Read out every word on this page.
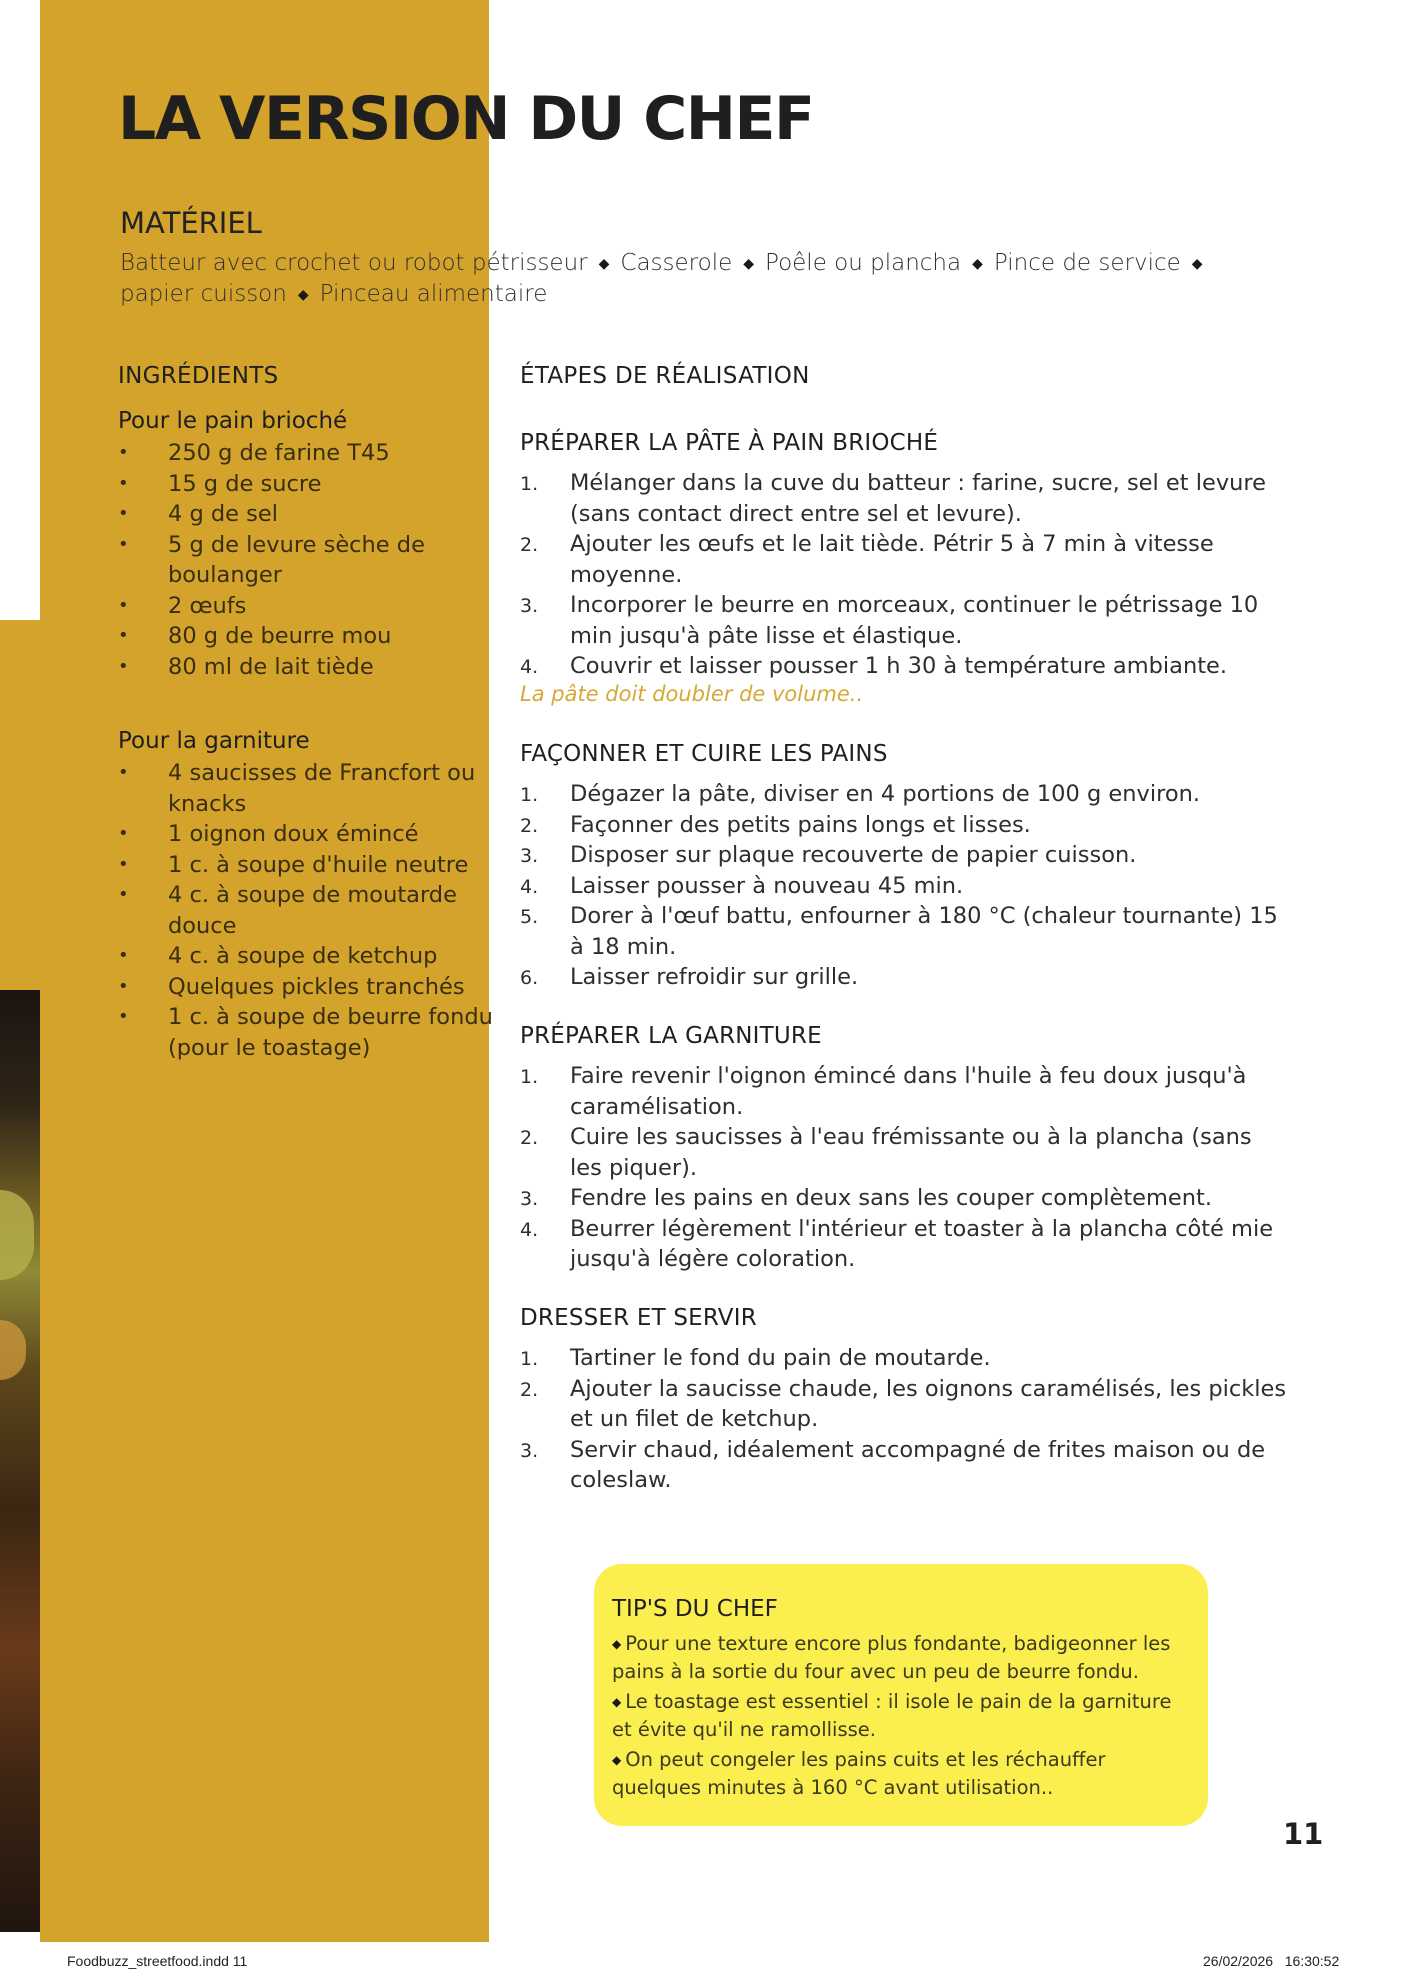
LA VERSION DU CHEF
MATÉRIEL
Batteur avec crochet ou robot pétrisseur ◆ Casserole ◆ Poêle ou plancha ◆ Pince de service ◆
papier cuisson ◆ Pinceau alimentaire
INGRÉDIENTS
Pour le pain brioché
• 250 g de farine T45
• 15 g de sucre
• 4 g de sel
• 5 g de levure sèche de boulanger
• 2 œufs
• 80 g de beurre mou
• 80 ml de lait tiède
Pour la garniture
• 4 saucisses de Francfort ou knacks
• 1 oignon doux émincé
• 1 c. à soupe d'huile neutre
• 4 c. à soupe de moutarde douce
• 4 c. à soupe de ketchup
• Quelques pickles tranchés
• 1 c. à soupe de beurre fondu (pour le toastage)
ÉTAPES DE RÉALISATION
PRÉPARER LA PÂTE À PAIN BRIOCHÉ
1. Mélanger dans la cuve du batteur : farine, sucre, sel et levure (sans contact direct entre sel et levure).
2. Ajouter les œufs et le lait tiède. Pétrir 5 à 7 min à vitesse moyenne.
3. Incorporer le beurre en morceaux, continuer le pétrissage 10 min jusqu'à pâte lisse et élastique.
4. Couvrir et laisser pousser 1 h 30 à température ambiante.
La pâte doit doubler de volume..
FAÇONNER ET CUIRE LES PAINS
1. Dégazer la pâte, diviser en 4 portions de 100 g environ.
2. Façonner des petits pains longs et lisses.
3. Disposer sur plaque recouverte de papier cuisson.
4. Laisser pousser à nouveau 45 min.
5. Dorer à l'œuf battu, enfourner à 180 °C (chaleur tournante) 15 à 18 min.
6. Laisser refroidir sur grille.
PRÉPARER LA GARNITURE
1. Faire revenir l'oignon émincé dans l'huile à feu doux jusqu'à caramélisation.
2. Cuire les saucisses à l'eau frémissante ou à la plancha (sans les piquer).
3. Fendre les pains en deux sans les couper complètement.
4. Beurrer légèrement l'intérieur et toaster à la plancha côté mie jusqu'à légère coloration.
DRESSER ET SERVIR
1. Tartiner le fond du pain de moutarde.
2. Ajouter la saucisse chaude, les oignons caramélisés, les pickles et un filet de ketchup.
3. Servir chaud, idéalement accompagné de frites maison ou de coleslaw.
TIP'S DU CHEF

◆ Pour une texture encore plus fondante, badigeonner les pains à la sortie du four avec un peu de beurre fondu.

◆ Le toastage est essentiel : il isole le pain de la garniture et évite qu'il ne ramollisse.

◆ On peut congeler les pains cuits et les réchauffer quelques minutes à 160 °C avant utilisation..

11
Foodbuzz_streetfood.indd 11	26/02/2026 16:30:52
